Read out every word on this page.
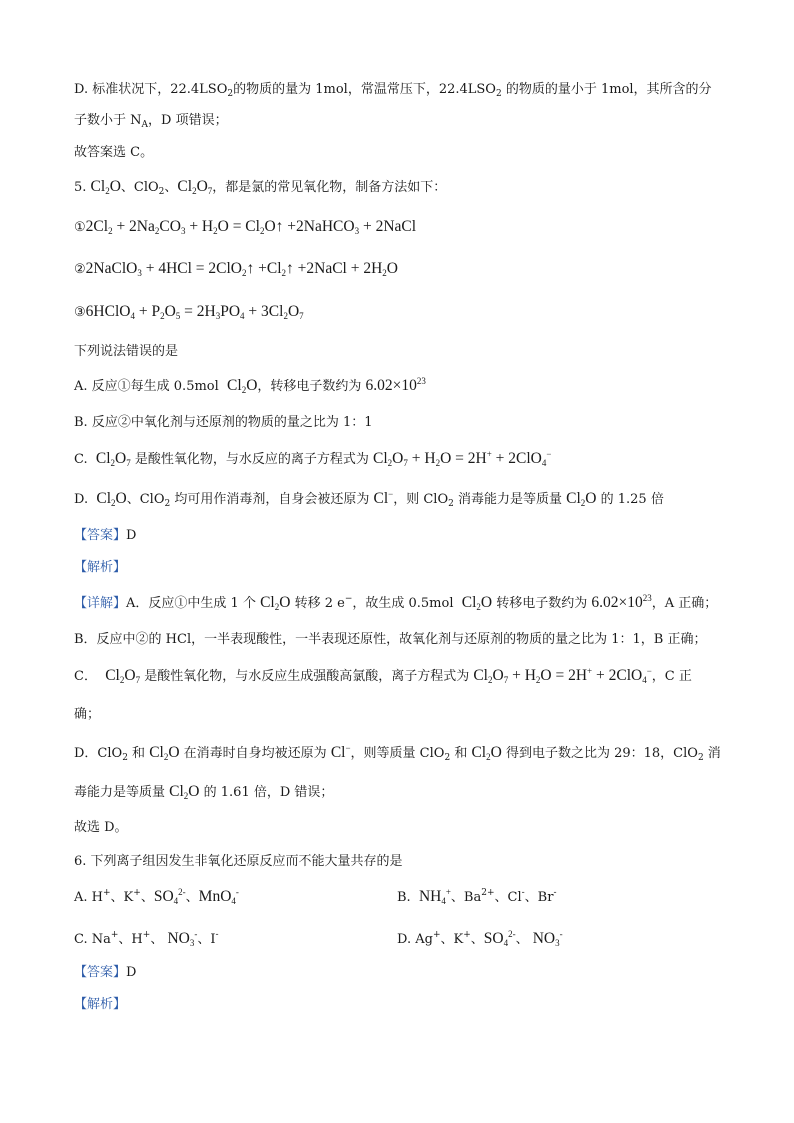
D. 标准状况下，$22.4LSO_2$的物质的量为 1mol，常温常压下，$22.4LSO_2$ 的物质的量小于 1mol，其所含的分
子数小于 $N_A$，D 项错误；
故答案选 C。
5. $Cl_2O$、ClO$_2$、$Cl_2O_7$，都是氯的常见氧化物，制备方法如下：
$①2Cl_2 + 2Na_2CO_3 + H_2O$ = $Cl_2O↑$ +2NaHCO$_3$ + 2NaCl
②2NaClO$_3$ + 4HCl = 2ClO$_2$↑ $+Cl_2↑$ +2NaCl + $2H_2O$
③6HClO$_4$ + $P_2O_5 = 2H_3PO_4 + 3Cl_2O_7$
下列说法错误的是
A. 反应①每生成 0.5mol  $Cl_2O$，转移电子数约为 $6.02\times 10^{23}$
B. 反应②中氧化剂与还原剂的物质的量之比为 1：1
C.  $Cl_2O_7$ 是酸性氧化物，与水反应的离子方程式为 $Cl_2O_7 + H_2O = 2H^+ + 2ClO_4^-$
D.  $Cl_2O$、ClO$_2$ 均可用作消毒剂，自身会被还原为 Cl−，则 ClO$_2$ 消毒能力是等质量 $Cl_2O$ 的 1.25 倍
【答案】D
【解析】
【详解】A．反应①中生成 1 个 $Cl_2O$ 转移 2 e−，故生成 0.5mol  $Cl_2O$ 转移电子数约为 $6.02\times 10^{23}$，A 正确；
B．反应中②的 HCl，一半表现酸性，一半表现还原性，故氧化剂与还原剂的物质的量之比为 1：1，B 正确；
C．  $Cl_2O_7$ 是酸性氧化物，与水反应生成强酸高氯酸，离子方程式为 $Cl_2O_7 + H_2O = 2H^+ + 2ClO_4^-$，C 正
确；
D．ClO$_2$ 和 $Cl_2O$ 在消毒时自身均被还原为 Cl−，则等质量 ClO$_2$ 和 $Cl_2O$ 得到电子数之比为 29：18，ClO$_2$ 消
毒能力是等质量 $Cl_2O$ 的 1.61 倍，D 错误；
故选 D。
6. 下列离子组因发生非氧化还原反应而不能大量共存的是
A. H+、K+、$SO_4^{2-}$、MnO$_4$-	B.  $NH_4^+$、$Ba^{2+}$、Cl-、Br-
C. Na+、H+、 $NO_3^-$、I-	D. Ag+、K+、$SO_4^{2-}$、 $NO_3^-$
【答案】D
【解析】
